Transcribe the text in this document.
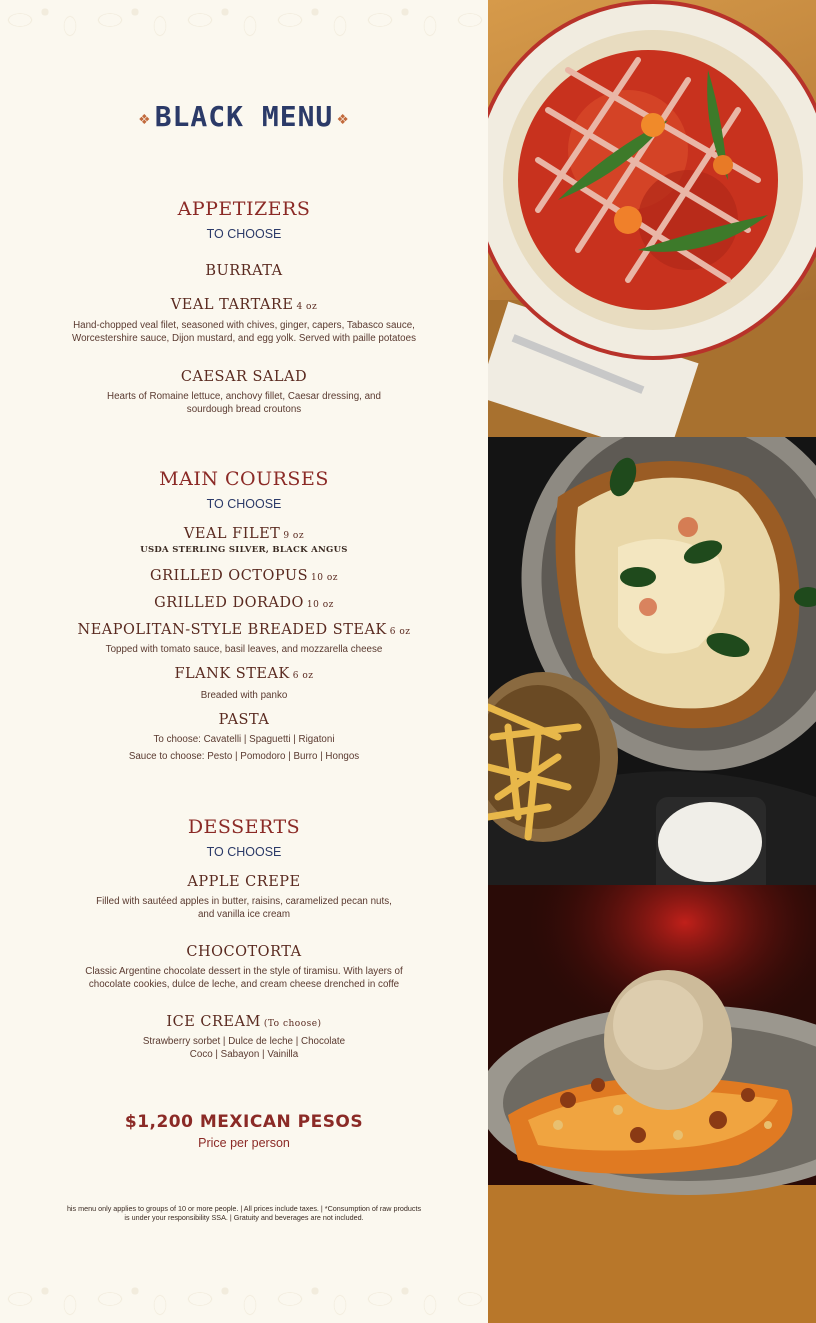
❖ BLACK MENU ❖
APPETIZERS
TO CHOOSE
BURRATA
VEAL TARTARE 4 oz
Hand-chopped veal filet, seasoned with chives, ginger, capers, Tabasco sauce,
Worcestershire sauce, Dijon mustard, and egg yolk. Served with paille potatoes
CAESAR SALAD
Hearts of Romaine lettuce, anchovy fillet, Caesar dressing, and
sourdough bread croutons
MAIN COURSES
TO CHOOSE
VEAL FILET 9 oz
USDA STERLING SILVER, BLACK ANGUS
GRILLED OCTOPUS 10 oz
GRILLED DORADO 10 oz
NEAPOLITAN-STYLE BREADED STEAK 6 oz
Topped with tomato sauce, basil leaves, and mozzarella cheese
FLANK STEAK 6 oz
Breaded with panko
PASTA
To choose: Cavatelli | Spaguetti | Rigatoni
Sauce to choose: Pesto | Pomodoro | Burro | Hongos
DESSERTS
TO CHOOSE
APPLE CREPE
Filled with sautéed apples in butter, raisins, caramelized pecan nuts,
and vanilla ice cream
CHOCOTORTA
Classic Argentine chocolate dessert in the style of tiramisu. With layers of
chocolate cookies, dulce de leche, and cream cheese drenched in coffe
ICE CREAM (To choose)
Strawberry sorbet | Dulce de leche | Chocolate
Coco | Sabayon | Vainilla
$1,200 MEXICAN PESOS
Price per person
his menu only applies to groups of 10 or more people. | All prices include taxes. | *Consumption of raw products
is under your responsibility SSA. | Gratuity and beverages are not included.
